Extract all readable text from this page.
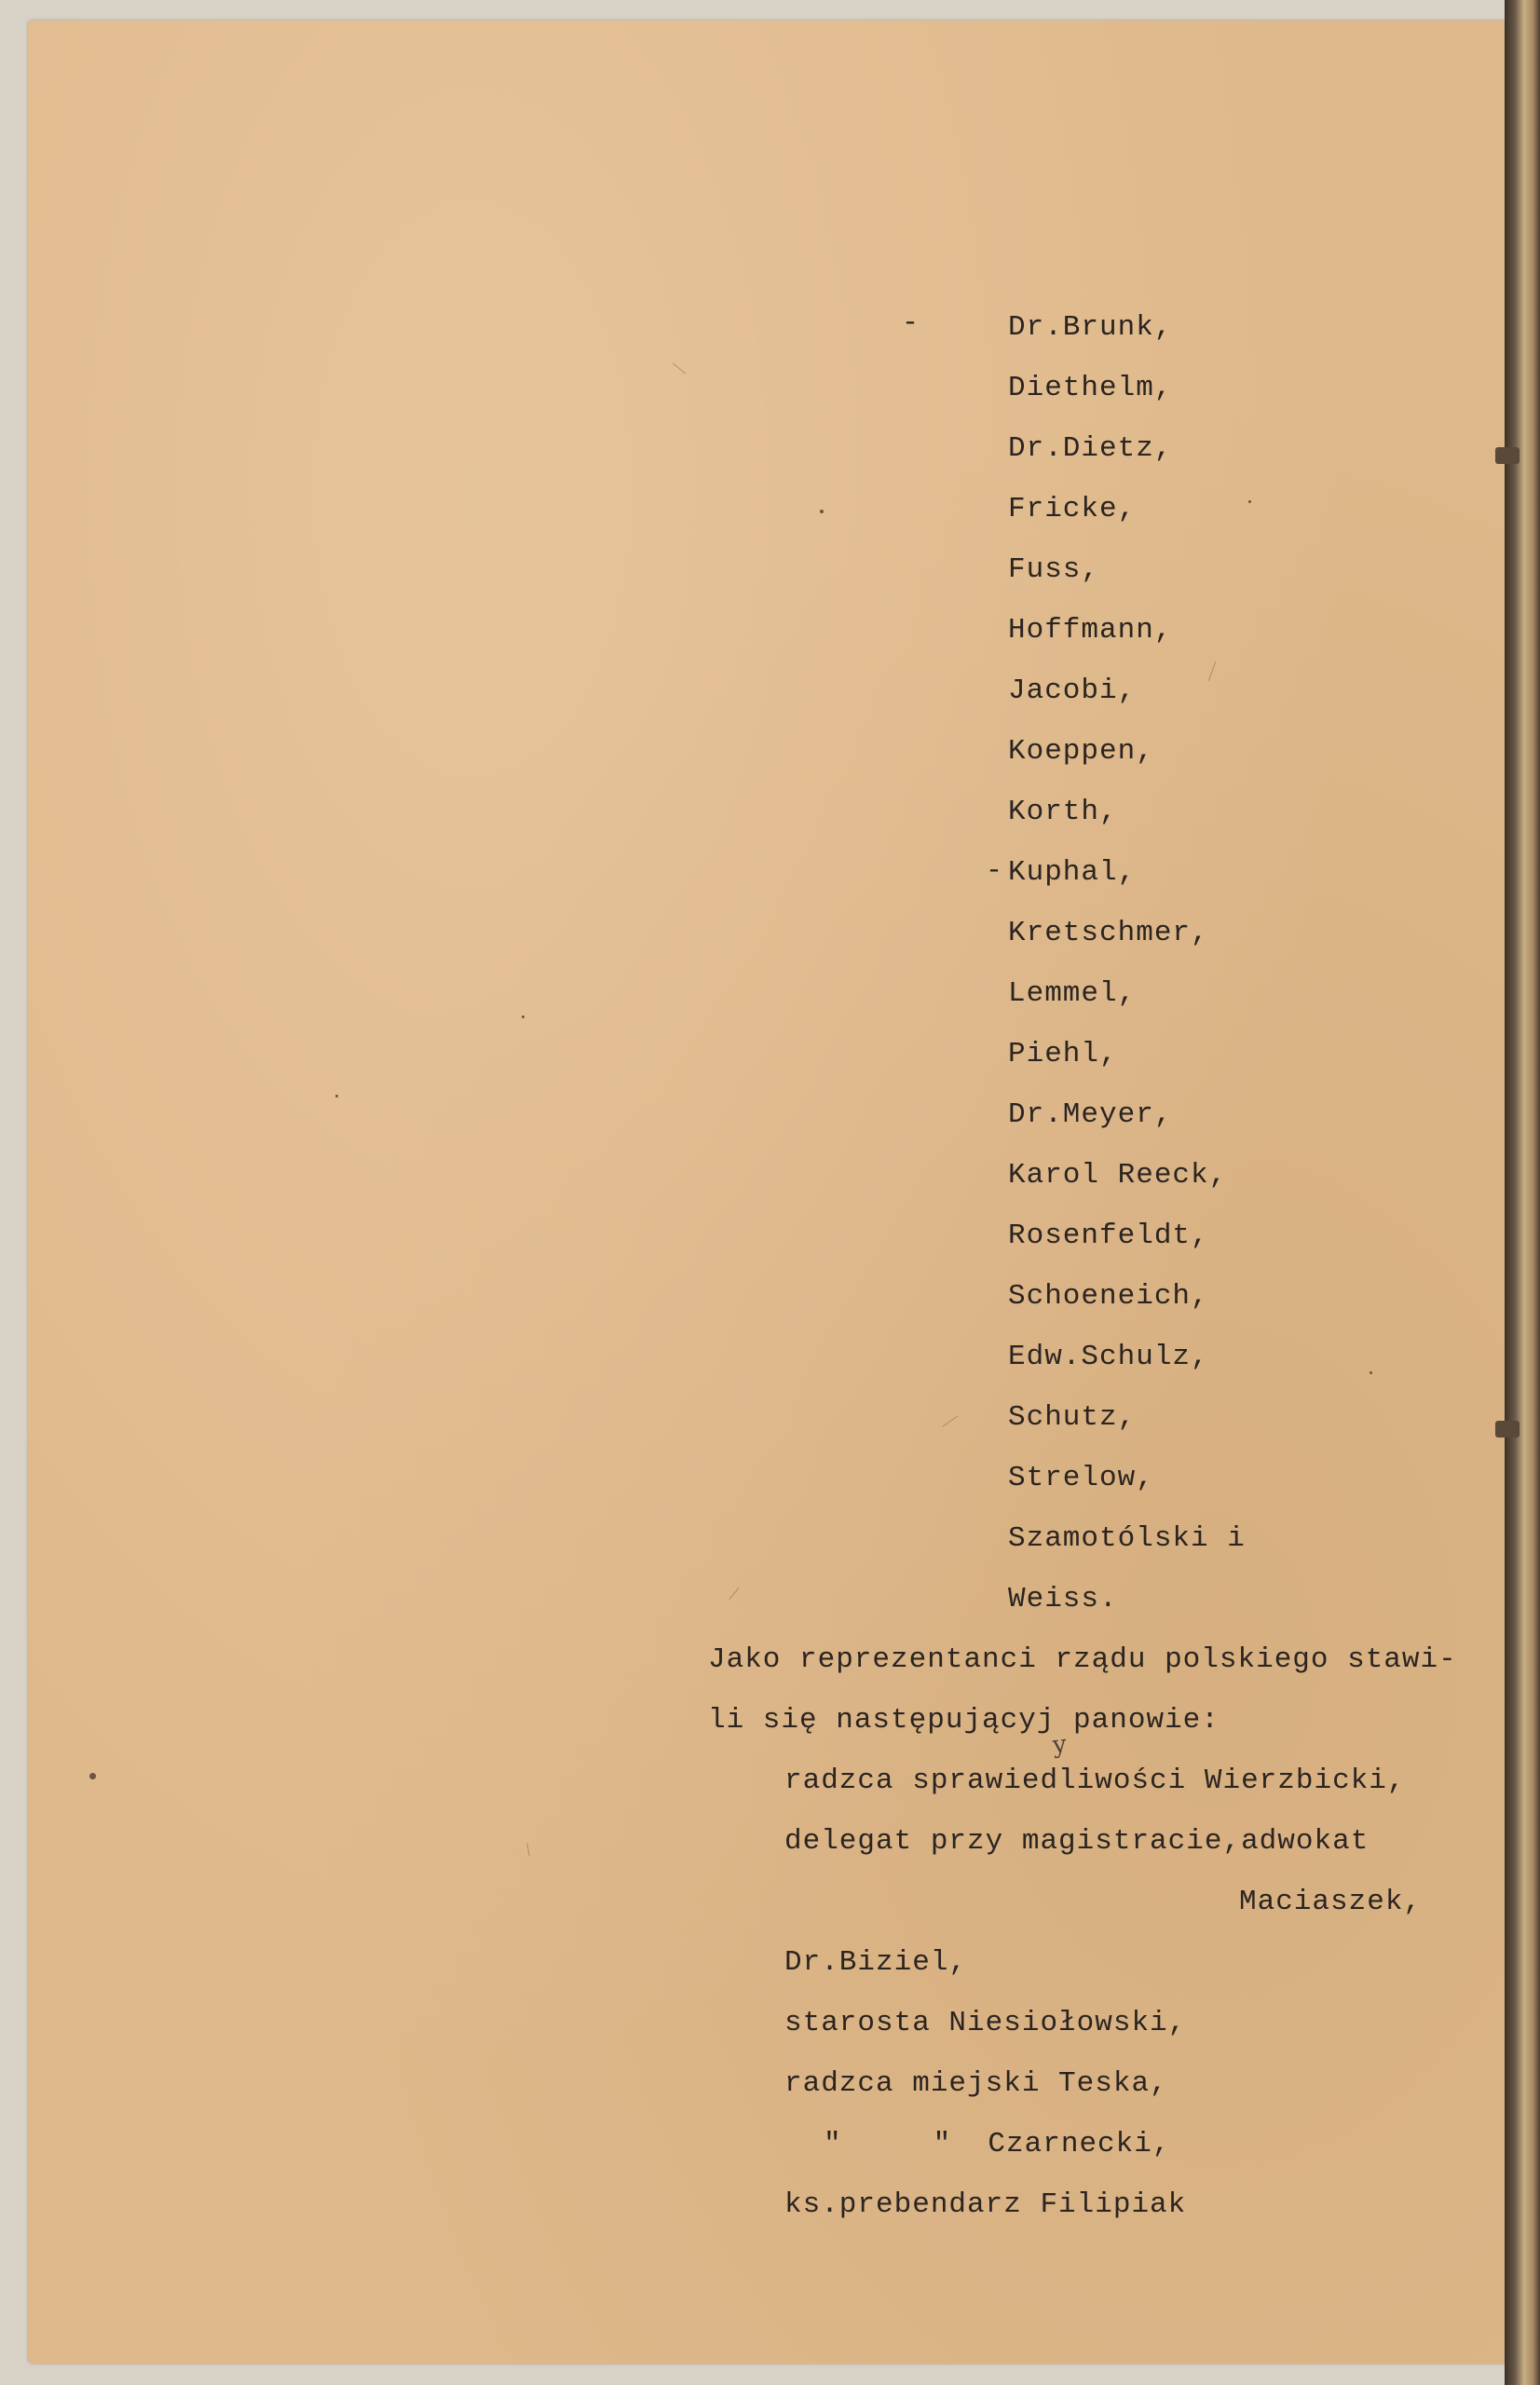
-
-
Dr.Brunk,
Diethelm,
Dr.Dietz,
Fricke,
Fuss,
Hoffmann,
Jacobi,
Koeppen,
Korth,
Kuphal,
Kretschmer,
Lemmel,
Piehl,
Dr.Meyer,
Karol Reeck,
Rosenfeldt,
Schoeneich,
Edw.Schulz,
Schutz,
Strelow,
Szamotólski i
Weiss.
Jako reprezentanci rządu polskiego stawi-
li się następującyj panowie:
y
radzca sprawiedliwości Wierzbicki,
delegat przy magistracie,adwokat
Maciaszek,
Dr.Biziel,
starosta Niesiołowski,
radzca miejski Teska,
"     "  Czarnecki,
ks.prebendarz Filipiak
